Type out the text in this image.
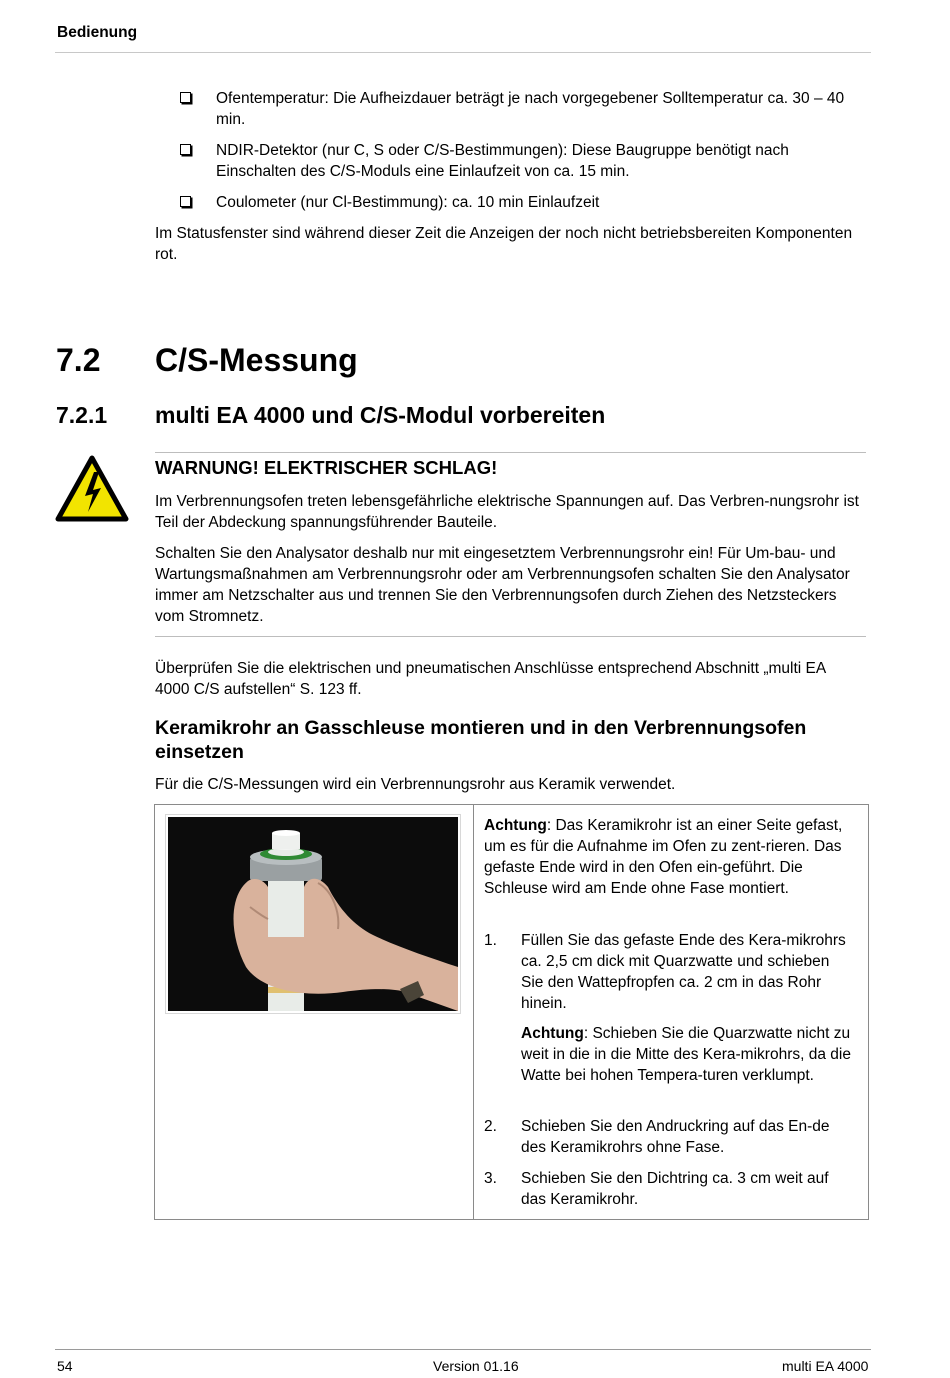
Bedienung

Ofentemperatur: Die Aufheizdauer beträgt je nach vorgegebener Solltemperatur ca. 30 – 40 min.

NDIR-Detektor (nur C, S oder C/S-Bestimmungen): Diese Baugruppe benötigt nach Einschalten des C/S-Moduls eine Einlaufzeit von ca. 15 min.

Coulometer (nur Cl-Bestimmung): ca. 10 min Einlaufzeit

Im Statusfenster sind während dieser Zeit die Anzeigen der noch nicht betriebsbereiten Komponenten rot.

7.2 C/S-Messung
7.2.1 multi EA 4000 und C/S-Modul vorbereiten
WARNUNG! ELEKTRISCHER SCHLAG!

Im Verbrennungsofen treten lebensgefährliche elektrische Spannungen auf. Das Verbren-nungsrohr ist Teil der Abdeckung spannungsführender Bauteile.

Schalten Sie den Analysator deshalb nur mit eingesetztem Verbrennungsrohr ein! Für Um-bau- und Wartungsmaßnahmen am Verbrennungsrohr oder am Verbrennungsofen schalten Sie den Analysator immer am Netzschalter aus und trennen Sie den Verbrennungsofen durch Ziehen des Netzsteckers vom Stromnetz.

Überprüfen Sie die elektrischen und pneumatischen Anschlüsse entsprechend Abschnitt „multi EA 4000 C/S aufstellen“ S. 123 ff.

Keramikrohr an Gasschleuse montieren und in den Verbrennungsofen einsetzen

Für die C/S-Messungen wird ein Verbrennungsrohr aus Keramik verwendet.

Achtung: Das Keramikrohr ist an einer Seite gefast, um es für die Aufnahme im Ofen zu zent-rieren. Das gefaste Ende wird in den Ofen ein-geführt. Die Schleuse wird am Ende ohne Fase montiert.

1. Füllen Sie das gefaste Ende des Kera-mikrohrs ca. 2,5 cm dick mit Quarzwatte und schieben Sie den Wattepfropfen ca. 2 cm in das Rohr hinein.

Achtung: Schieben Sie die Quarzwatte nicht zu weit in die in die Mitte des Kera-mikrohrs, da die Watte bei hohen Tempera-turen verklumpt.

2. Schieben Sie den Andruckring auf das En-de des Keramikrohrs ohne Fase.

3. Schieben Sie den Dichtring ca. 3 cm weit auf das Keramikrohr.

54	Version 01.16	multi EA 4000
